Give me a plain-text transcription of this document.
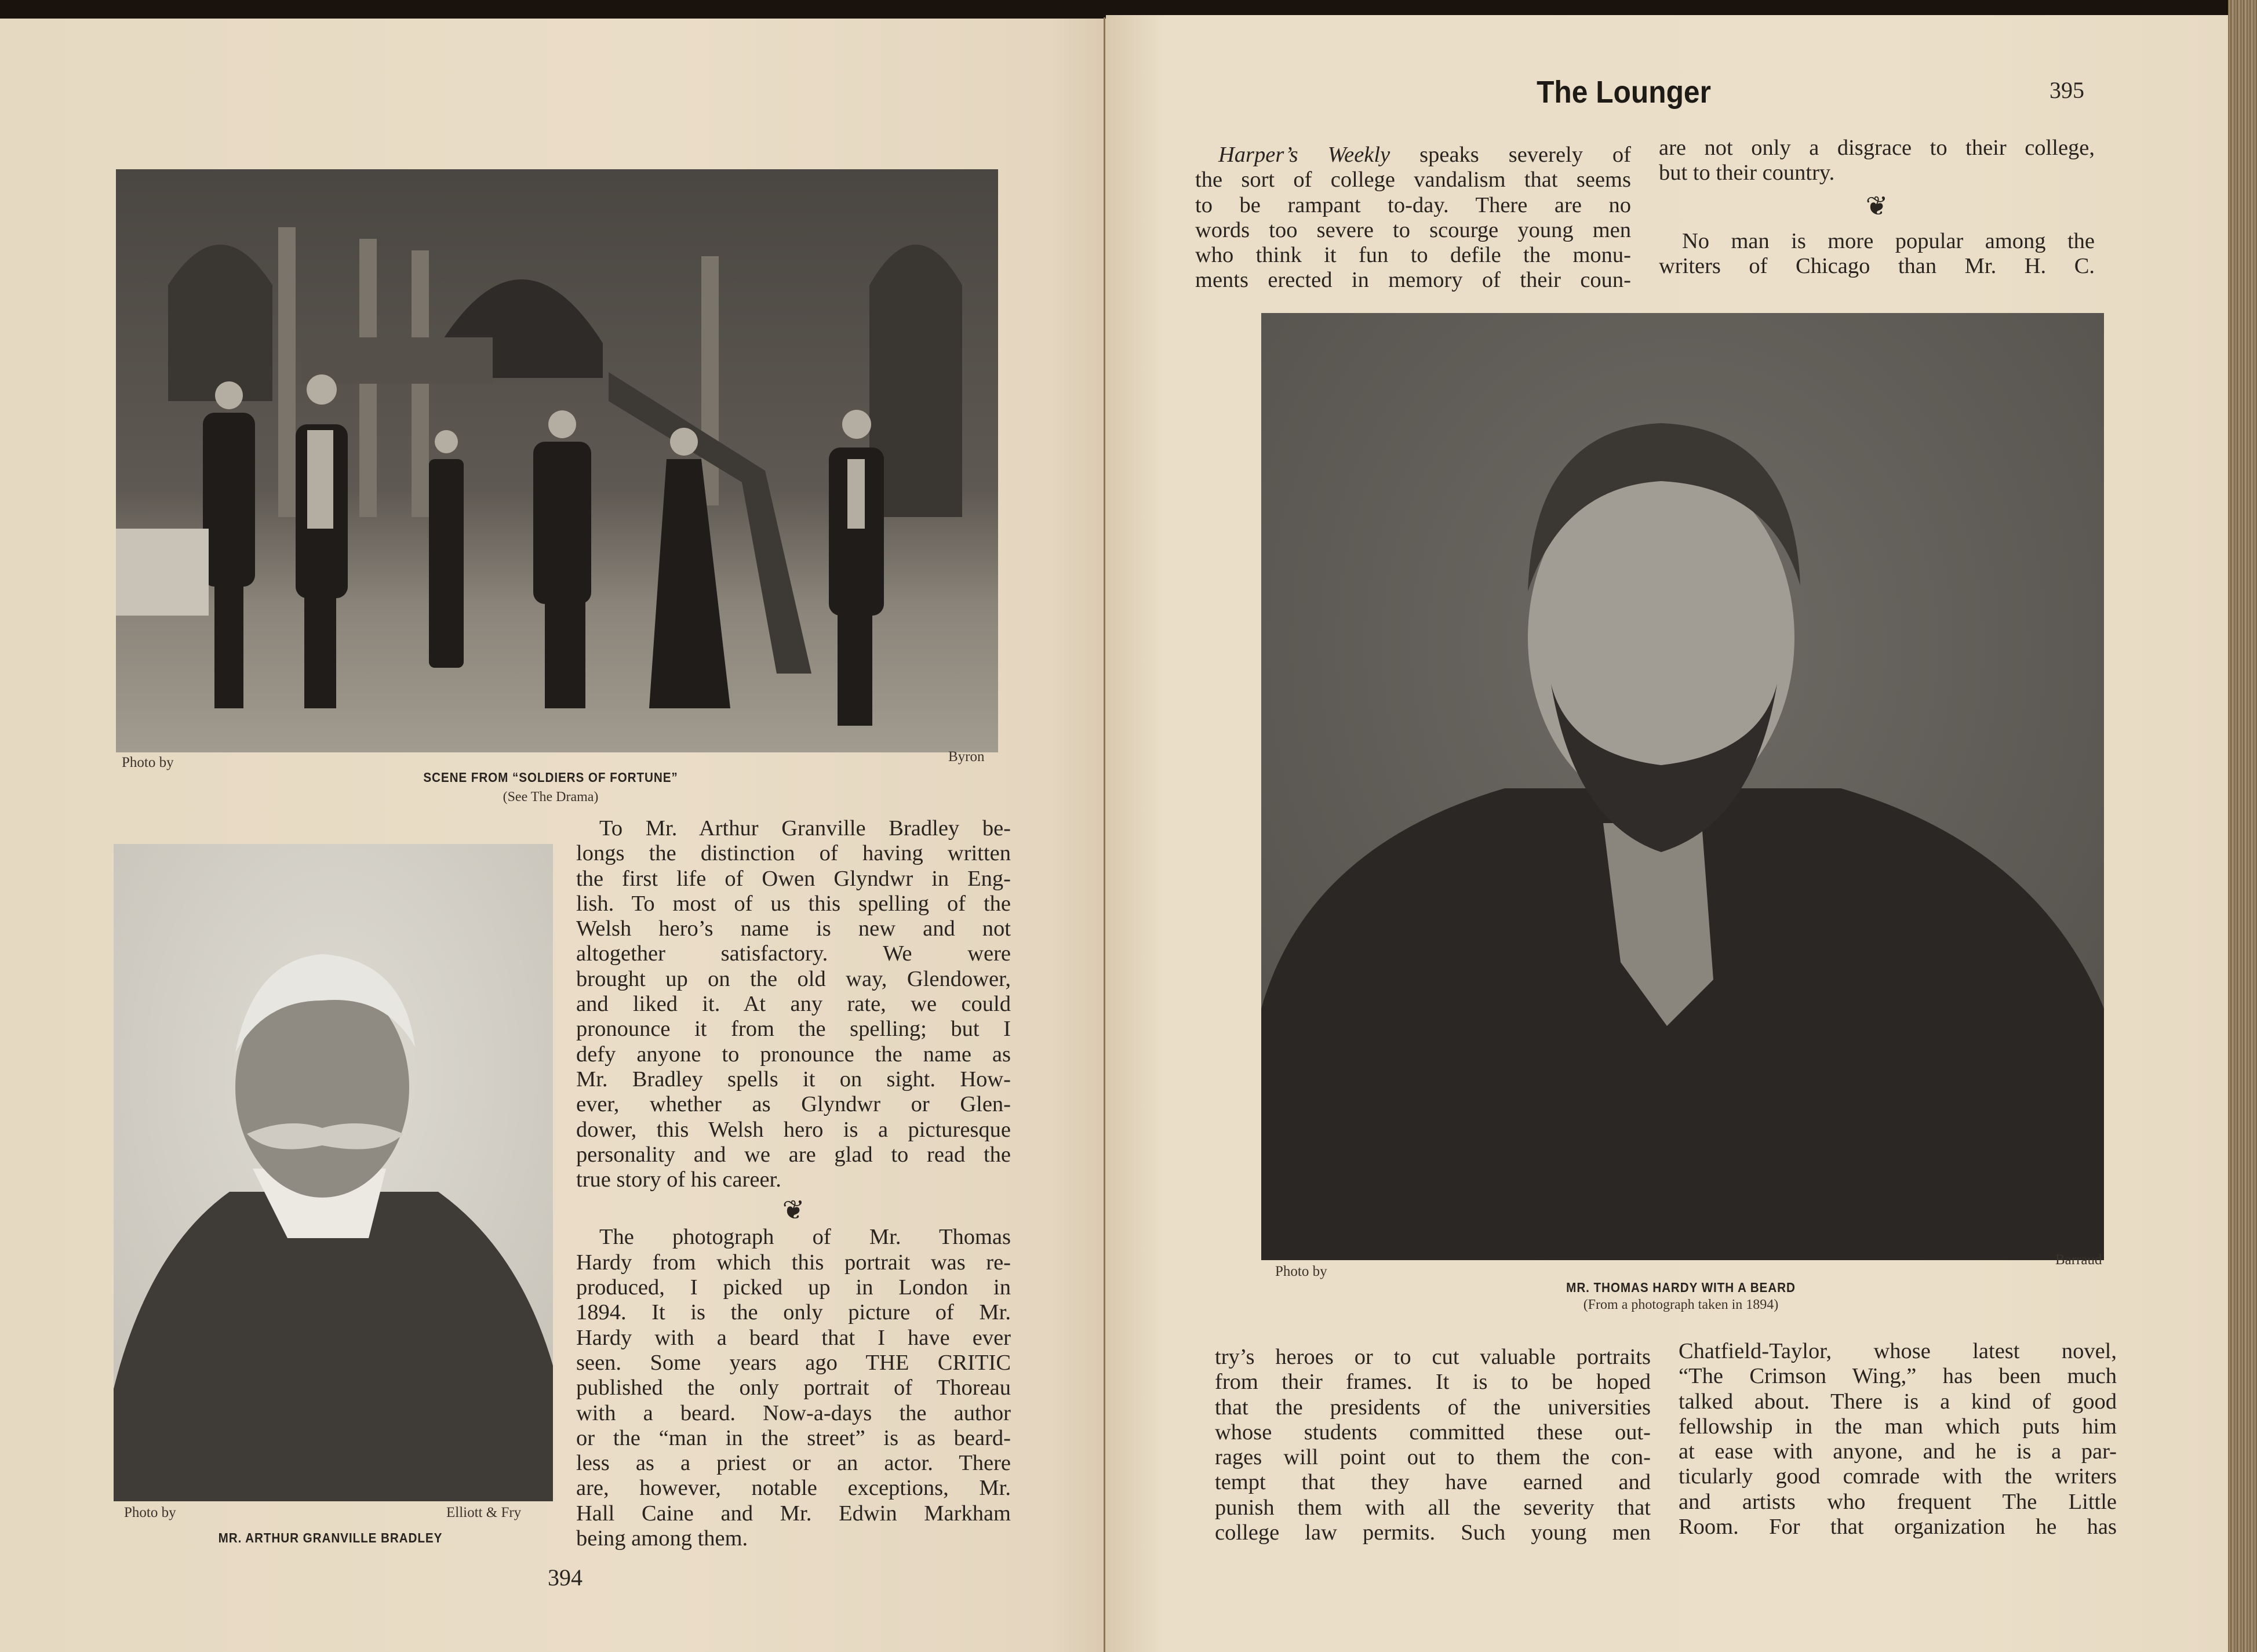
Photo by	Byron
SCENE FROM “SOLDIERS OF FORTUNE”
(See The Drama)
Photo by	Elliott & Fry
MR. ARTHUR GRANVILLE BRADLEY
To Mr. Arthur Granville Bradley be-
longs the distinction of having written
the first life of Owen Glyndwr in Eng-
lish. To most of us this spelling of the
Welsh hero’s name is new and not
altogether satisfactory. We were
brought up on the old way, Glendower,
and liked it. At any rate, we could
pronounce it from the spelling; but I
defy anyone to pronounce the name as
Mr. Bradley spells it on sight. How-
ever, whether as Glyndwr or Glen-
dower, this Welsh hero is a picturesque
personality and we are glad to read the
true story of his career.
❦
The photograph of Mr. Thomas
Hardy from which this portrait was re-
produced, I picked up in London in
1894. It is the only picture of Mr.
Hardy with a beard that I have ever
seen. Some years ago THE CRITIC
published the only portrait of Thoreau
with a beard. Now-a-days the author
or the “man in the street” is as beard-
less as a priest or an actor. There
are, however, notable exceptions, Mr.
Hall Caine and Mr. Edwin Markham
being among them.
394
The Lounger	395
Harper’s Weekly speaks severely of
the sort of college vandalism that seems
to be rampant to-day. There are no
words too severe to scourge young men
who think it fun to defile the monu-
ments erected in memory of their coun-
are not only a disgrace to their college,
but to their country.
❦
No man is more popular among the
writers of Chicago than Mr. H. C.
Photo by
Barraud
MR. THOMAS HARDY WITH A BEARD
(From a photograph taken in 1894)
try’s heroes or to cut valuable portraits
from their frames. It is to be hoped
that the presidents of the universities
whose students committed these out-
rages will point out to them the con-
tempt that they have earned and
punish them with all the severity that
college law permits. Such young men
Chatfield-Taylor, whose latest novel,
“The Crimson Wing,” has been much
talked about. There is a kind of good
fellowship in the man which puts him
at ease with anyone, and he is a par-
ticularly good comrade with the writers
and artists who frequent The Little
Room. For that organization he has
